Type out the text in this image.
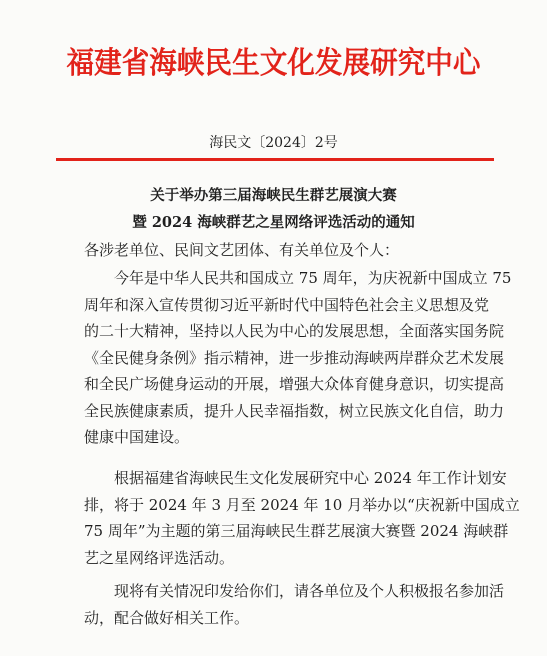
福建省海峡民生文化发展研究中心
海民文〔2024〕2号
关于举办第三届海峡民生群艺展演大赛
暨 2024 海峡群艺之星网络评选活动的通知
各涉老单位、民间文艺团体、有关单位及个人：
今年是中华人民共和国成立 75 周年，为庆祝新中国成立 75
周年和深入宣传贯彻习近平新时代中国特色社会主义思想及党
的二十大精神，坚持以人民为中心的发展思想，全面落实国务院
《全民健身条例》指示精神，进一步推动海峡两岸群众艺术发展
和全民广场健身运动的开展，增强大众体育健身意识，切实提高
全民族健康素质，提升人民幸福指数，树立民族文化自信，助力
健康中国建设。
根据福建省海峡民生文化发展研究中心 2024 年工作计划安
排，将于 2024 年 3 月至 2024 年 10 月举办以“庆祝新中国成立
75 周年”为主题的第三届海峡民生群艺展演大赛暨 2024 海峡群
艺之星网络评选活动。
现将有关情况印发给你们，请各单位及个人积极报名参加活
动，配合做好相关工作。
